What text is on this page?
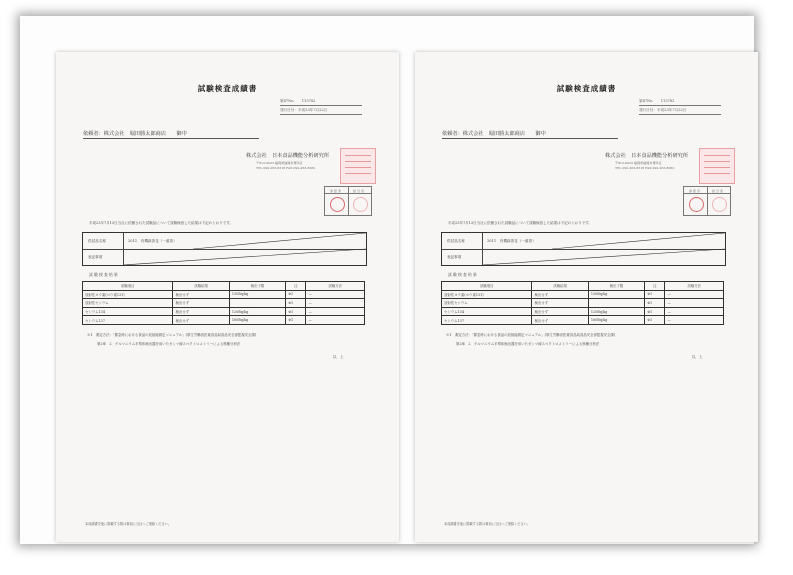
試験検査成績書
第47No.　　113782
発行日付：平成23年7月22日
依頼者：株式会社　堀田勝太郎商店　　御中
株式会社　日本食品機能分析研究所
〒812-0023 福岡県福岡市博多区
TEL 092-263-8318 FAX 092-263-8282
承 認 者	担 当 者
平成23年7月13日当社に依頼された試験品について試験検査した結果は下記のとおりです。
供試品名称	2011　有機緑茶花（一番茶）
表記事項
試 験 検 査 結 果
試験項目	試験結果	検出下限	注	試験方法
放射性ヨウ素(ヨウ素131)	検出せず	130Bq/kg	※1	—
放射性セシウム	検出せず		※1	—
セシウム134	検出せず	120Bq/kg	※1	—
セシウム137	検出せず	160Bq/kg	※1	—
※1　測定方法：「緊急時における食品の放射能測定マニュアル」(厚生労働省医薬食品局食品安全部監視安全課)
第2章　2　ゲルマニウム半導体検出器を用いたガンマ線スペクトロメトリーによる核種分析法
以　上
本成績書を他に掲載する際は事前に当社へご連絡ください。
試験検査成績書
第47No.　　113782
発行日付：平成23年7月22日
依頼者：株式会社　堀田勝太郎商店　　御中
株式会社　日本食品機能分析研究所
〒812-0023 福岡県福岡市博多区
TEL 092-263-8318 FAX 092-263-8282
承 認 者	担 当 者
平成23年7月13日当社に依頼された試験品について試験検査した結果は下記のとおりです。
供試品名称	2011　有機緑茶花（一番茶）
表記事項
試 験 検 査 結 果
試験項目	試験結果	検出下限	注	試験方法
放射性ヨウ素(ヨウ素131)	検出せず	130Bq/kg	※1	—
放射性セシウム	検出せず		※1	—
セシウム134	検出せず	120Bq/kg	※1	—
セシウム137	検出せず	160Bq/kg	※1	—
※1　測定方法：「緊急時における食品の放射能測定マニュアル」(厚生労働省医薬食品局食品安全部監視安全課)
第2章　2　ゲルマニウム半導体検出器を用いたガンマ線スペクトロメトリーによる核種分析法
以　上
本成績書を他に掲載する際は事前に当社へご連絡ください。
